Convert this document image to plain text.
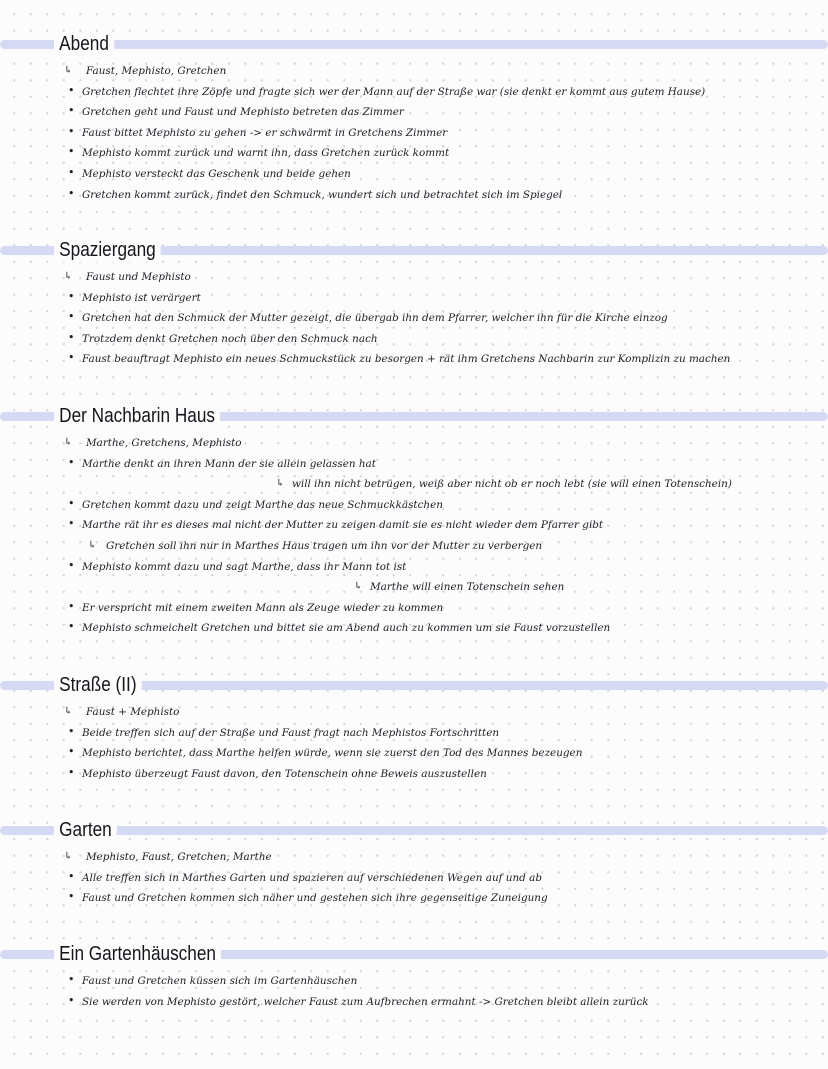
Abend
↳ Faust, Mephisto, Gretchen
• Gretchen flechtet ihre Zöpfe und fragte sich wer der Mann auf der Straße war (sie denkt er kommt aus gutem Hause)
• Gretchen geht und Faust und Mephisto betreten das Zimmer
• Faust bittet Mephisto zu gehen -> er schwärmt in Gretchens Zimmer
• Mephisto kommt zurück und warnt ihn, dass Gretchen zurück kommt
• Mephisto versteckt das Geschenk und beide gehen
• Gretchen kommt zurück, findet den Schmuck, wundert sich und betrachtet sich im Spiegel
Spaziergang
↳ Faust und Mephisto
• Mephisto ist verärgert
• Gretchen hat den Schmuck der Mutter gezeigt, die übergab ihn dem Pfarrer, welcher ihn für die Kirche einzog
• Trotzdem denkt Gretchen noch über den Schmuck nach
• Faust beauftragt Mephisto ein neues Schmuckstück zu besorgen + rät ihm Gretchens Nachbarin zur Komplizin zu machen
Der Nachbarin Haus
↳ Marthe, Gretchens, Mephisto
• Marthe denkt an ihren Mann der sie allein gelassen hat
↳ will ihn nicht betrügen, weiß aber nicht ob er noch lebt (sie will einen Totenschein)
• Gretchen kommt dazu und zeigt Marthe das neue Schmuckkästchen
• Marthe rät ihr es dieses mal nicht der Mutter zu zeigen damit sie es nicht wieder dem Pfarrer gibt
↳ Gretchen soll ihn nur in Marthes Haus tragen um ihn vor der Mutter zu verbergen
• Mephisto kommt dazu und sagt Marthe, dass ihr Mann tot ist
↳ Marthe will einen Totenschein sehen
• Er verspricht mit einem zweiten Mann als Zeuge wieder zu kommen
• Mephisto schmeichelt Gretchen und bittet sie am Abend auch zu kommen um sie Faust vorzustellen
Straße (II)
↳ Faust + Mephisto
• Beide treffen sich auf der Straße und Faust fragt nach Mephistos Fortschritten
• Mephisto berichtet, dass Marthe helfen würde, wenn sie zuerst den Tod des Mannes bezeugen
• Mephisto überzeugt Faust davon, den Totenschein ohne Beweis auszustellen
Garten
↳ Mephisto, Faust, Gretchen, Marthe
• Alle treffen sich in Marthes Garten und spazieren auf verschiedenen Wegen auf und ab
• Faust und Gretchen kommen sich näher und gestehen sich ihre gegenseitige Zuneigung
Ein Gartenhäuschen
• Faust und Gretchen küssen sich im Gartenhäuschen
• Sie werden von Mephisto gestört, welcher Faust zum Aufbrechen ermahnt -> Gretchen bleibt allein zurück
